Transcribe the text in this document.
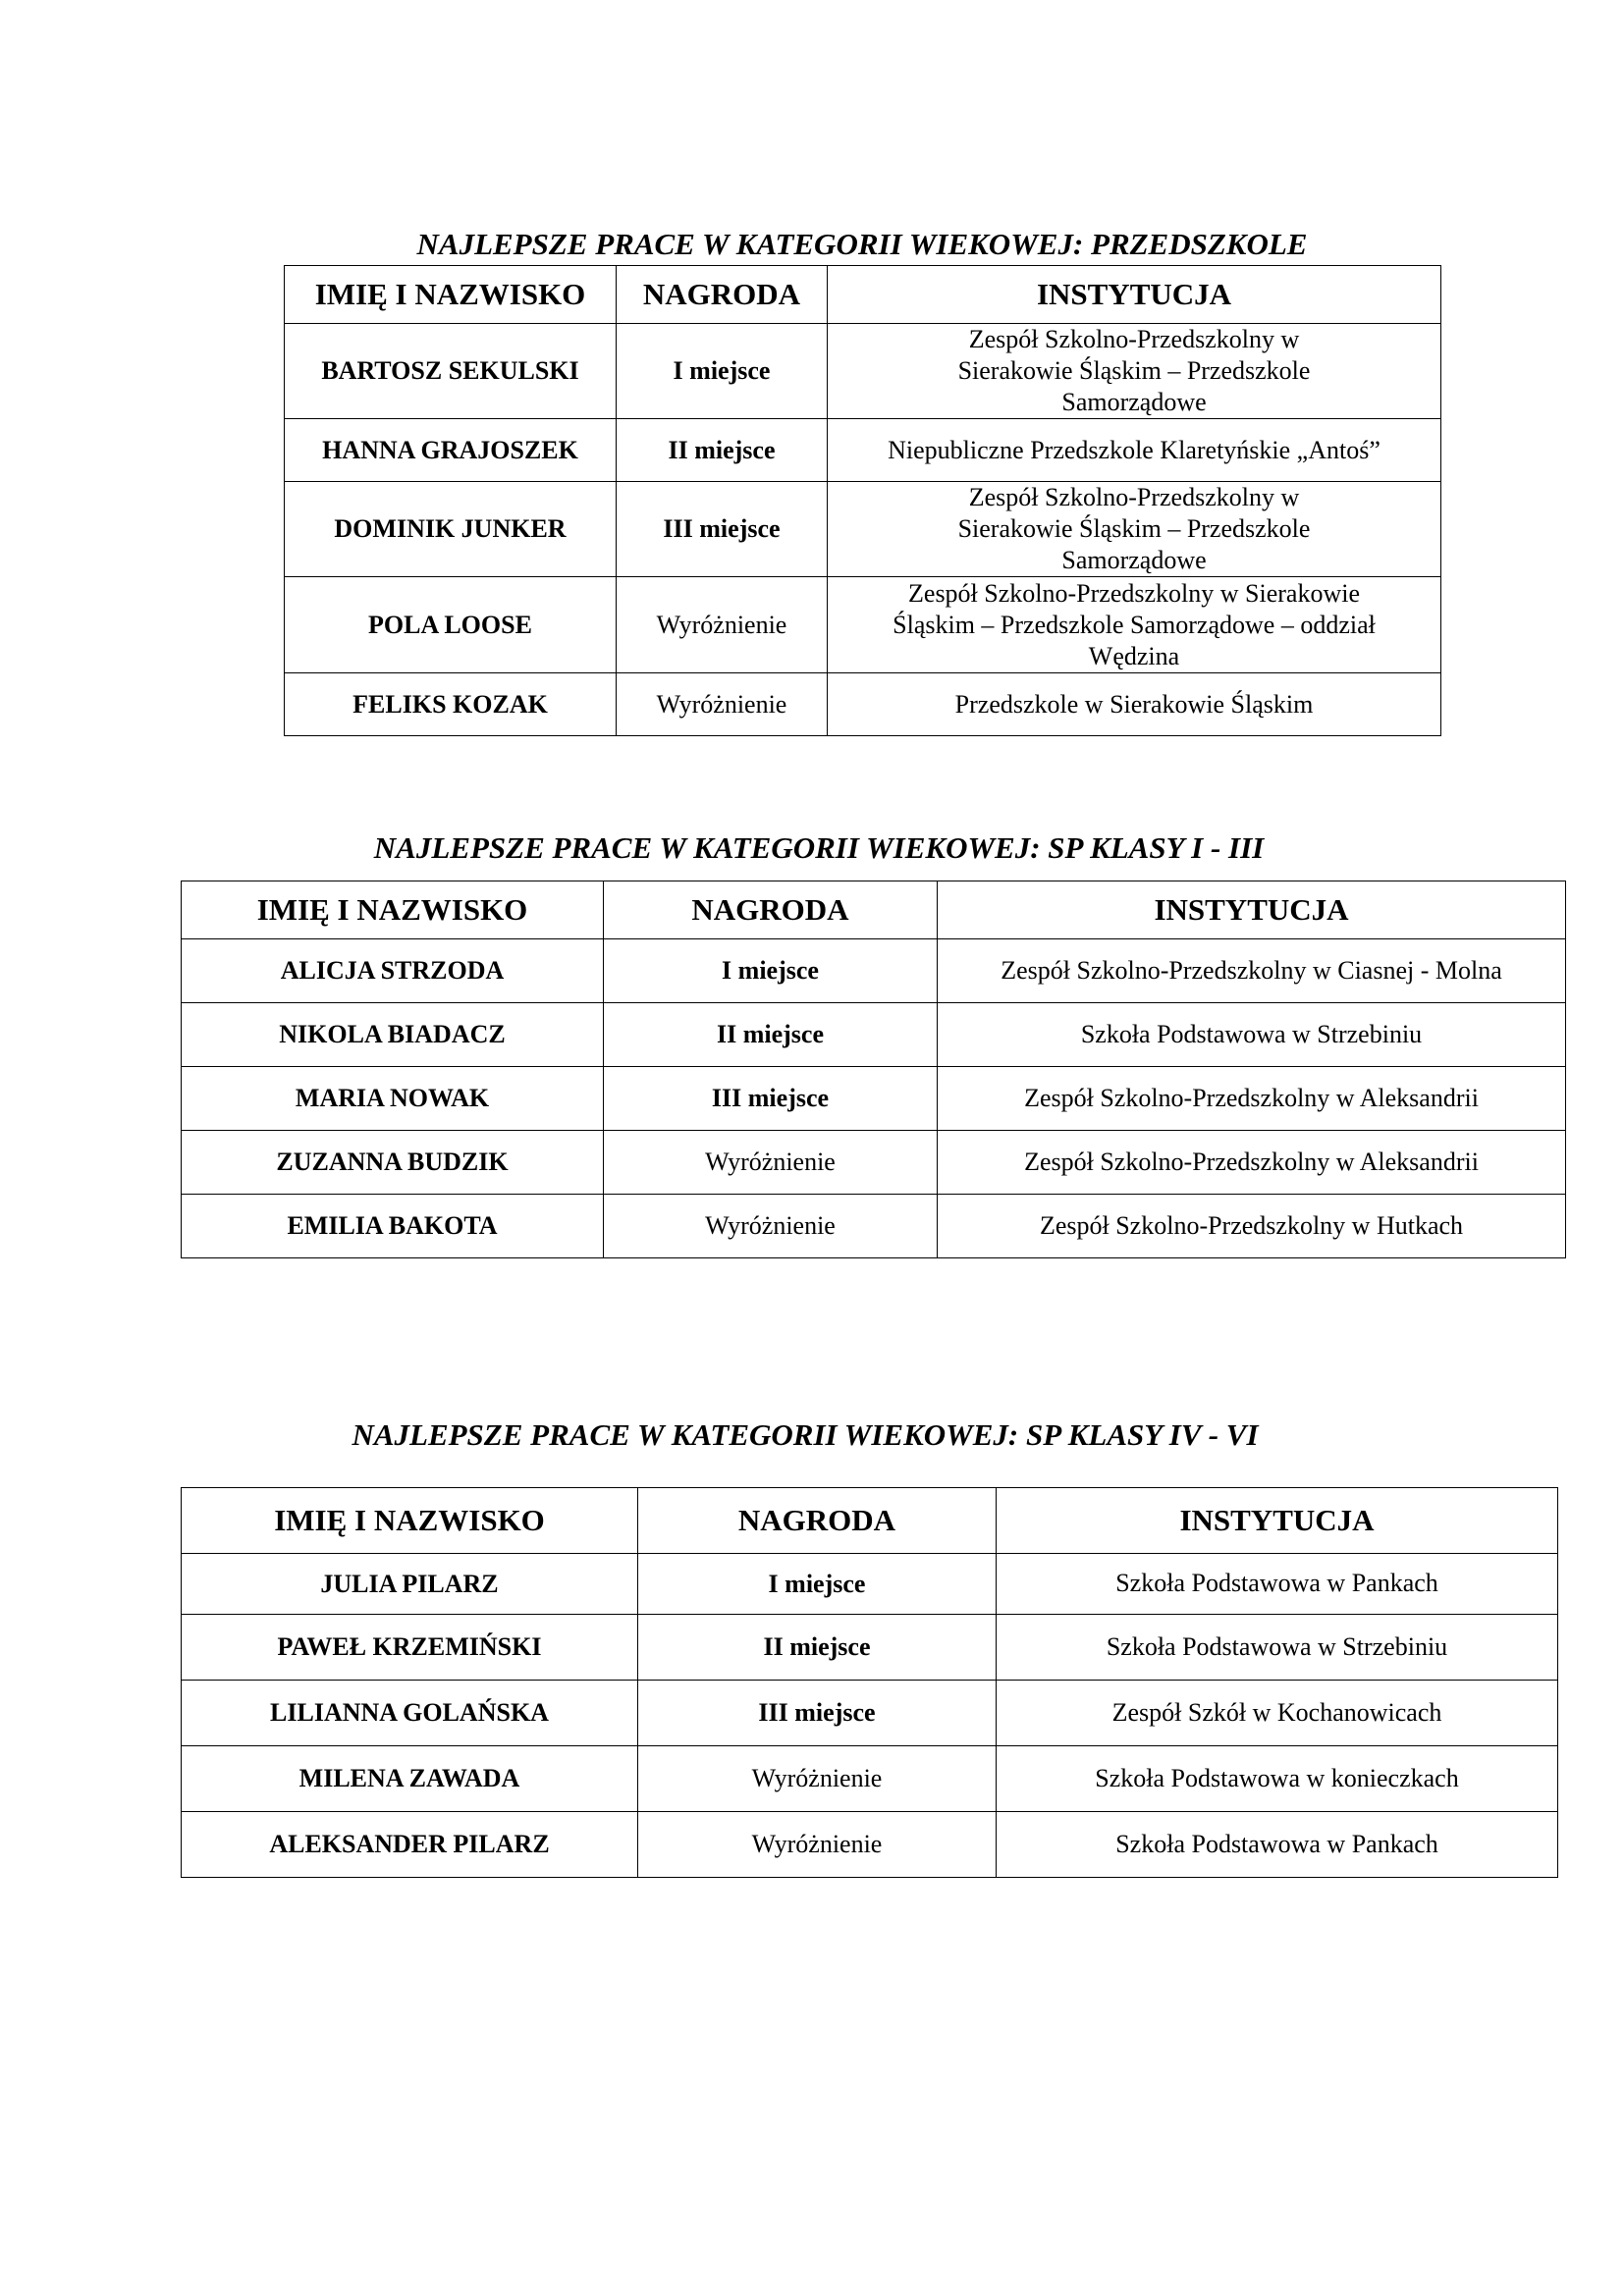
NAJLEPSZE PRACE W KATEGORII WIEKOWEJ: PRZEDSZKOLE
IMIĘ I NAZWISKO	NAGRODA	INSTYTUCJA
BARTOSZ SEKULSKI	I miejsce	Zespół Szkolno-Przedszkolny w Sierakowie Śląskim – Przedszkole Samorządowe
HANNA GRAJOSZEK	II miejsce	Niepubliczne Przedszkole Klaretyńskie „Antoś”
DOMINIK JUNKER	III miejsce	Zespół Szkolno-Przedszkolny w Sierakowie Śląskim – Przedszkole Samorządowe
POLA LOOSE	Wyróżnienie	Zespół Szkolno-Przedszkolny w Sierakowie Śląskim – Przedszkole Samorządowe – oddział Wędzina
FELIKS KOZAK	Wyróżnienie	Przedszkole w Sierakowie Śląskim
NAJLEPSZE PRACE W KATEGORII WIEKOWEJ: SP KLASY I - III
IMIĘ I NAZWISKO	NAGRODA	INSTYTUCJA
ALICJA STRZODA	I miejsce	Zespół Szkolno-Przedszkolny w Ciasnej - Molna
NIKOLA BIADACZ	II miejsce	Szkoła Podstawowa w Strzebiniu
MARIA NOWAK	III miejsce	Zespół Szkolno-Przedszkolny w Aleksandrii
ZUZANNA BUDZIK	Wyróżnienie	Zespół Szkolno-Przedszkolny w Aleksandrii
EMILIA BAKOTA	Wyróżnienie	Zespół Szkolno-Przedszkolny w Hutkach
NAJLEPSZE PRACE W KATEGORII WIEKOWEJ: SP KLASY IV - VI
IMIĘ I NAZWISKO	NAGRODA	INSTYTUCJA
JULIA PILARZ	I miejsce	Szkoła Podstawowa w Pankach
PAWEŁ KRZEMIŃSKI	II miejsce	Szkoła Podstawowa w Strzebiniu
LILIANNA GOLAŃSKA	III miejsce	Zespół Szkół w Kochanowicach
MILENA ZAWADA	Wyróżnienie	Szkoła Podstawowa w konieczkach
ALEKSANDER PILARZ	Wyróżnienie	Szkoła Podstawowa w Pankach
